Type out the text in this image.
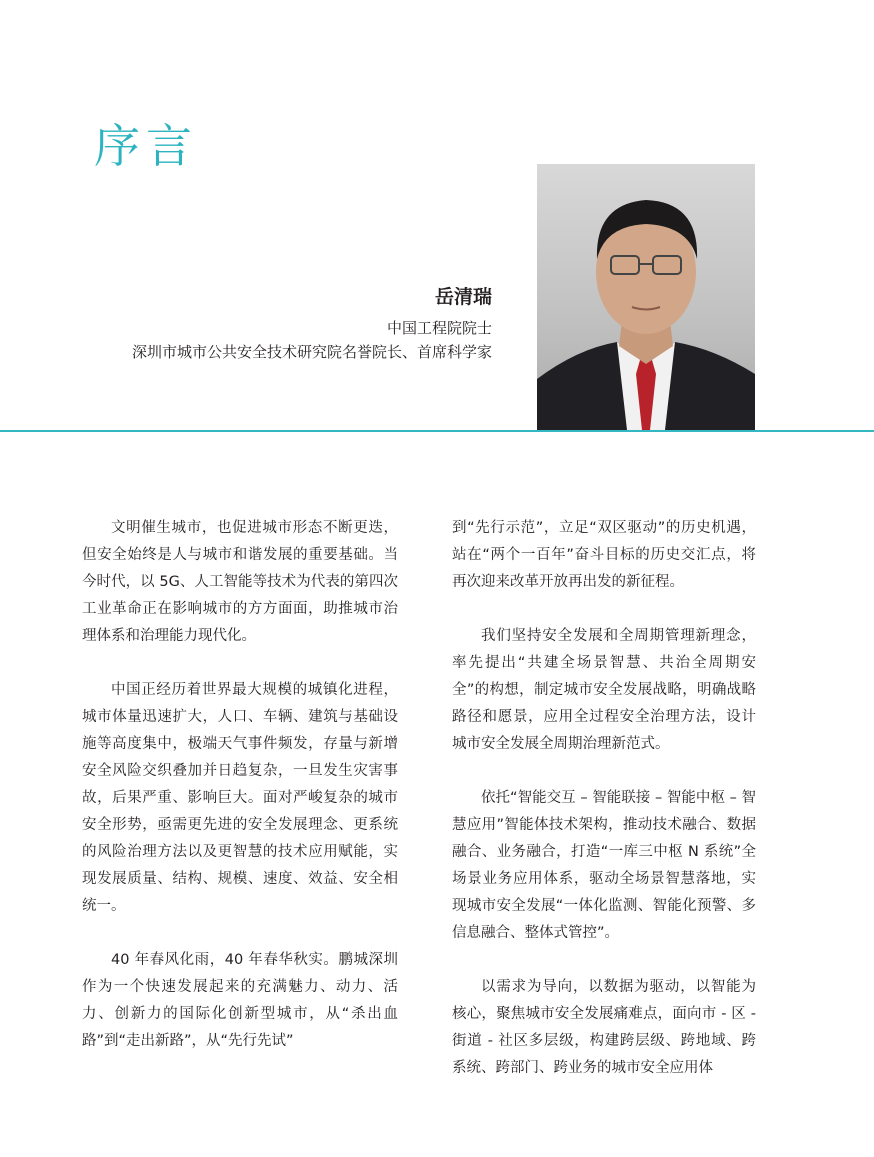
序言
岳清瑞
中国工程院院士
深圳市城市公共安全技术研究院名誉院长、首席科学家

文明催生城市，也促进城市形态不断更迭，但安全始终是人与城市和谐发展的重要基础。当今时代，以 5G、人工智能等技术为代表的第四次工业革命正在影响城市的方方面面，助推城市治理体系和治理能力现代化。

中国正经历着世界最大规模的城镇化进程，城市体量迅速扩大，人口、车辆、建筑与基础设施等高度集中，极端天气事件频发，存量与新增安全风险交织叠加并日趋复杂，一旦发生灾害事故，后果严重、影响巨大。面对严峻复杂的城市安全形势，亟需更先进的安全发展理念、更系统的风险治理方法以及更智慧的技术应用赋能，实现发展质量、结构、规模、速度、效益、安全相统一。

40 年春风化雨，40 年春华秋实。鹏城深圳作为一个快速发展起来的充满魅力、动力、活力、创新力的国际化创新型城市，从“杀出血路”到“走出新路”，从“先行先试”

到“先行示范”，立足“双区驱动”的历史机遇，站在“两个一百年”奋斗目标的历史交汇点，将再次迎来改革开放再出发的新征程。

我们坚持安全发展和全周期管理新理念，率先提出“共建全场景智慧、共治全周期安全”的构想，制定城市安全发展战略，明确战略路径和愿景，应用全过程安全治理方法，设计城市安全发展全周期治理新范式。

依托“智能交互 – 智能联接 – 智能中枢 – 智慧应用”智能体技术架构，推动技术融合、数据融合、业务融合，打造“一库三中枢 N 系统”全场景业务应用体系，驱动全场景智慧落地，实现城市安全发展“一体化监测、智能化预警、多信息融合、整体式管控”。

以需求为导向，以数据为驱动，以智能为核心，聚焦城市安全发展痛难点，面向市 - 区 - 街道 - 社区多层级，构建跨层级、跨地域、跨系统、跨部门、跨业务的城市安全应用体
